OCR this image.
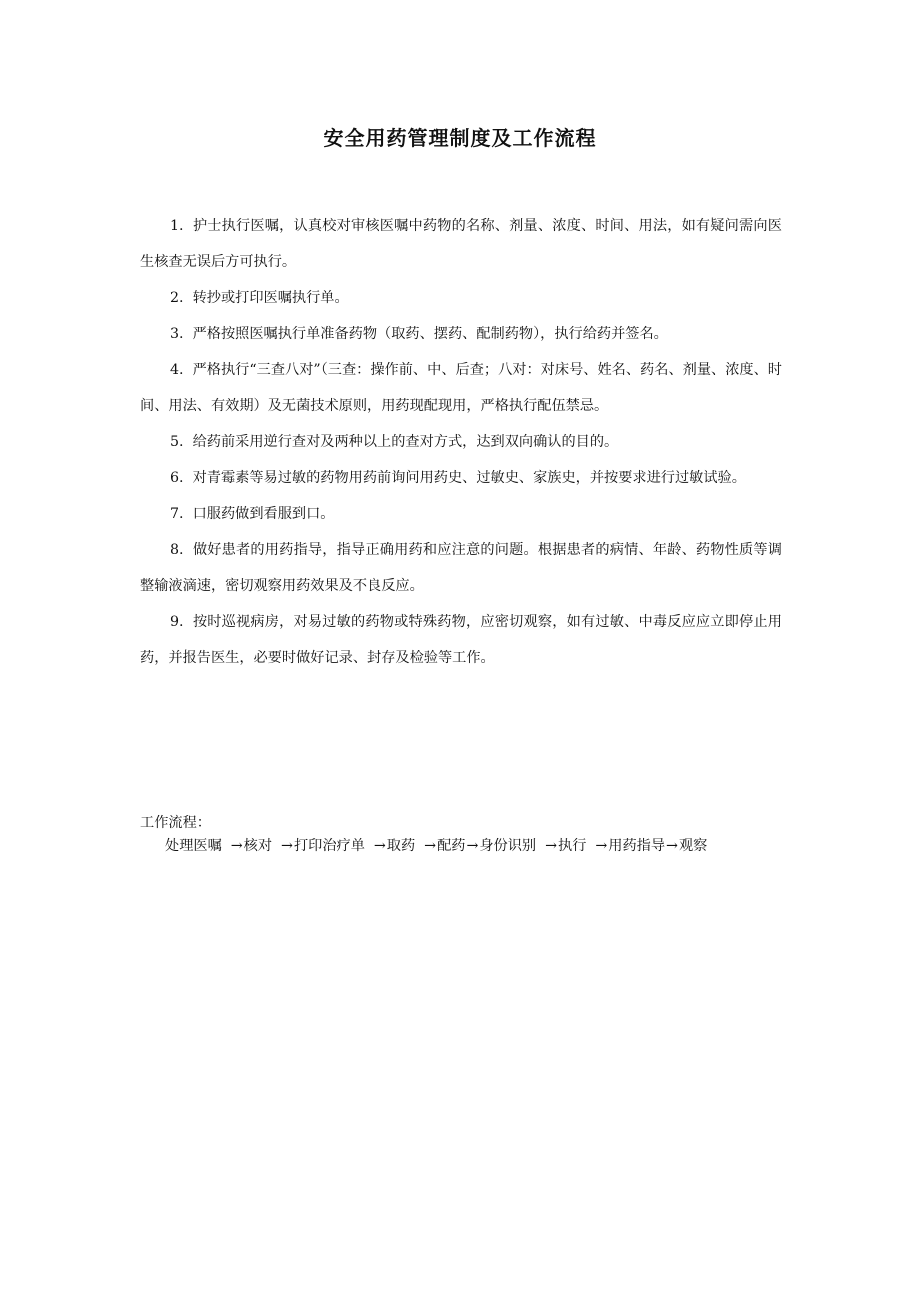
安全用药管理制度及工作流程

1. 护士执行医嘱，认真校对审核医嘱中药物的名称、剂量、浓度、时间、用法，如有疑问需向医生核查无误后方可执行。

2. 转抄或打印医嘱执行单。

3. 严格按照医嘱执行单准备药物（取药、摆药、配制药物），执行给药并签名。

4. 严格执行“三查八对”（三查：操作前、中、后查；八对：对床号、姓名、药名、剂量、浓度、时间、用法、有效期）及无菌技术原则，用药现配现用，严格执行配伍禁忌。

5. 给药前采用逆行查对及两种以上的查对方式，达到双向确认的目的。

6. 对青霉素等易过敏的药物用药前询问用药史、过敏史、家族史，并按要求进行过敏试验。

7. 口服药做到看服到口。

8. 做好患者的用药指导，指导正确用药和应注意的问题。根据患者的病情、年龄、药物性质等调整输液滴速，密切观察用药效果及不良反应。

9. 按时巡视病房，对易过敏的药物或特殊药物，应密切观察，如有过敏、中毒反应应立即停止用药，并报告医生，必要时做好记录、封存及检验等工作。

工作流程：

处理医嘱 → 核对 → 打印治疗单 → 取药 → 配药 → 身份识别 → 执行 → 用药指导 → 观察
